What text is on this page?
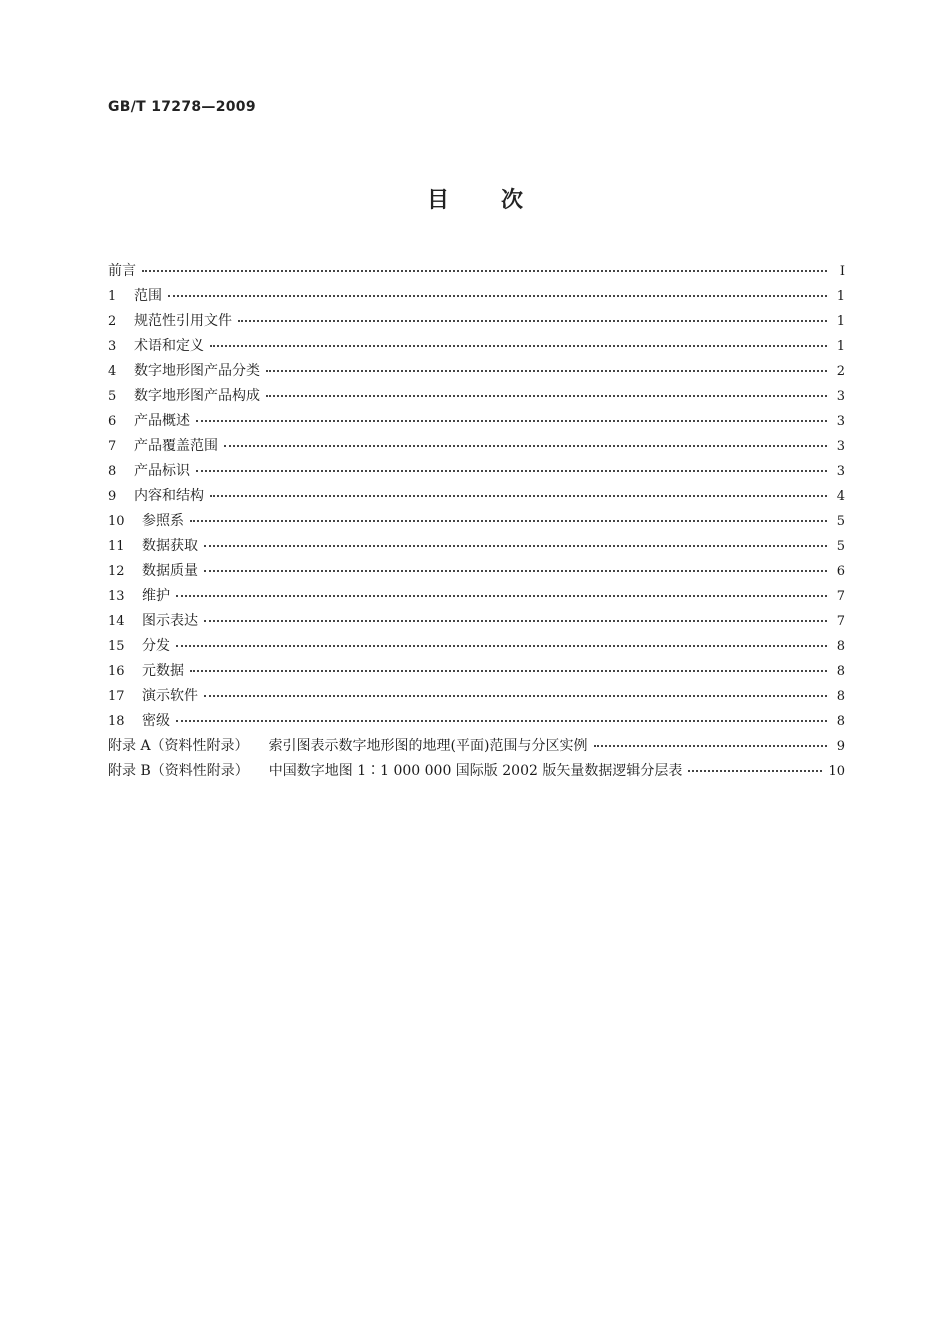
GB/T 17278—2009
目 次
前言	Ⅰ
1	范围	1
2	规范性引用文件	1
3	术语和定义	1
4	数字地形图产品分类	2
5	数字地形图产品构成	3
6	产品概述	3
7	产品覆盖范围	3
8	产品标识	3
9	内容和结构	4
10	参照系	5
11	数据获取	5
12	数据质量	6
13	维护	7
14	图示表达	7
15	分发	8
16	元数据	8
17	演示软件	8
18	密级	8
附录 A（资料性附录） 索引图表示数字地形图的地理(平面)范围与分区实例	9
附录 B（资料性附录） 中国数字地图 1∶1 000 000 国际版 2002 版矢量数据逻辑分层表	10
